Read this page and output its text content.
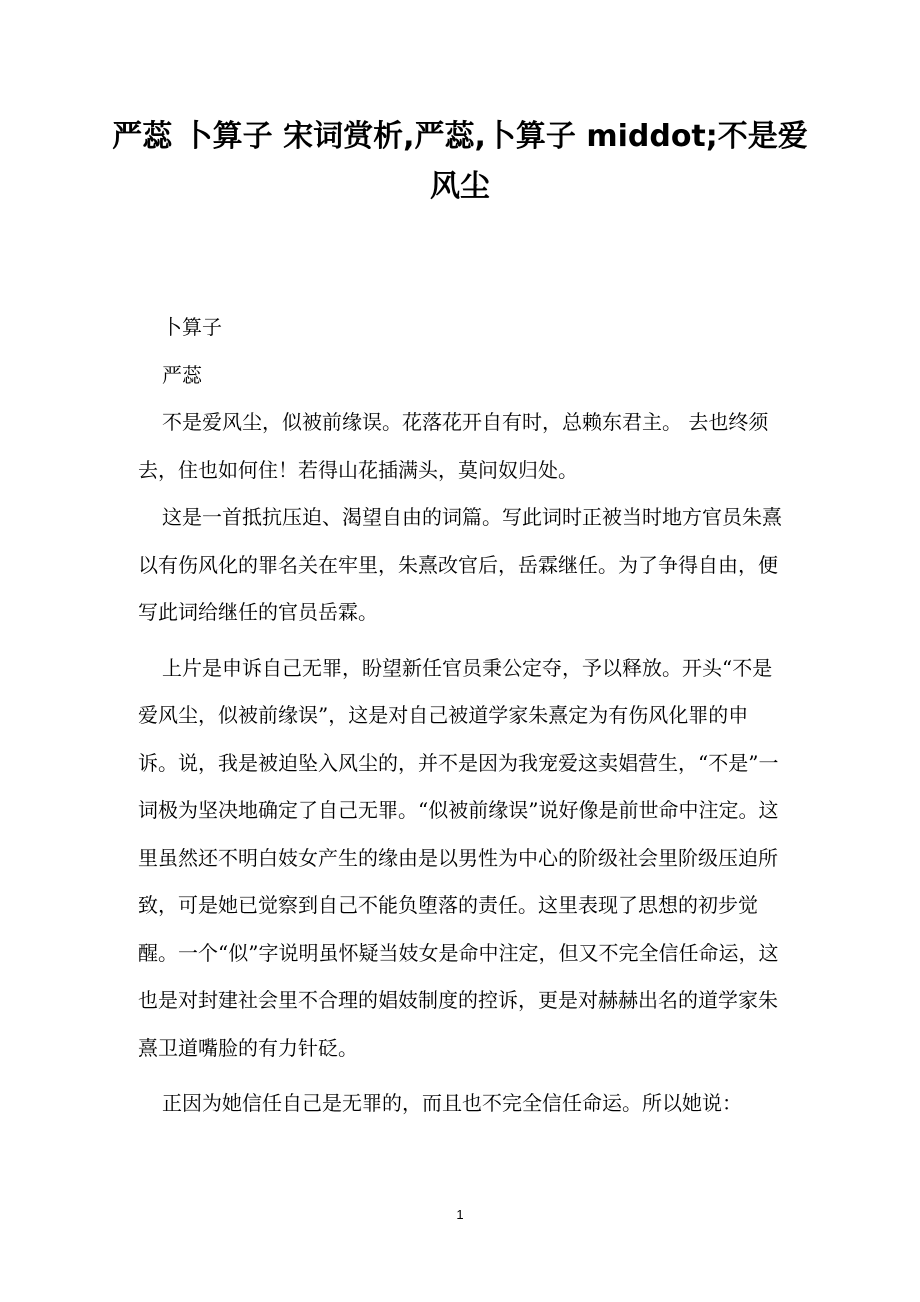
严蕊 卜算子 宋词赏析,严蕊,卜算子 middot;不是爱风尘

卜算子

严蕊

不是爱风尘，似被前缘误。花落花开自有时，总赖东君主。 去也终须去，住也如何住！若得山花插满头，莫问奴归处。

这是一首抵抗压迫、渴望自由的词篇。写此词时正被当时地方官员朱熹以有伤风化的罪名关在牢里，朱熹改官后，岳霖继任。为了争得自由，便写此词给继任的官员岳霖。

上片是申诉自己无罪，盼望新任官员秉公定夺，予以释放。开头“不是爱风尘，似被前缘误”，这是对自己被道学家朱熹定为有伤风化罪的申诉。说，我是被迫坠入风尘的，并不是因为我宠爱这卖娼营生，“不是”一词极为坚决地确定了自己无罪。“似被前缘误”说好像是前世命中注定。这里虽然还不明白妓女产生的缘由是以男性为中心的阶级社会里阶级压迫所致，可是她已觉察到自己不能负堕落的责任。这里表现了思想的初步觉醒。一个“似”字说明虽怀疑当妓女是命中注定，但又不完全信任命运，这也是对封建社会里不合理的娼妓制度的控诉，更是对赫赫出名的道学家朱熹卫道嘴脸的有力针砭。

正因为她信任自己是无罪的，而且也不完全信任命运。所以她说：

1
